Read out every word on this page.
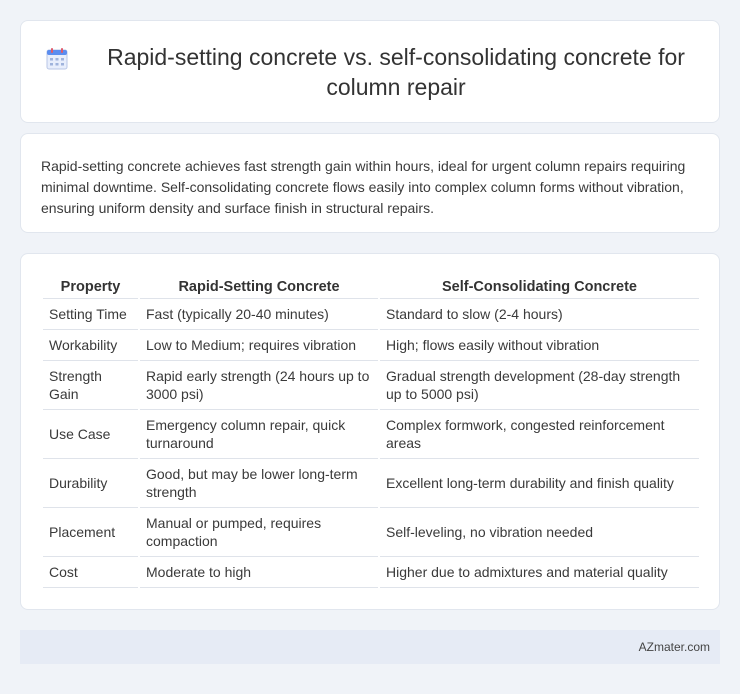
Rapid-setting concrete vs. self-consolidating concrete for column repair

Rapid-setting concrete achieves fast strength gain within hours, ideal for urgent column repairs requiring minimal downtime. Self-consolidating concrete flows easily into complex column forms without vibration, ensuring uniform density and surface finish in structural repairs.

Property	Rapid-Setting Concrete	Self-Consolidating Concrete
Setting Time	Fast (typically 20-40 minutes)	Standard to slow (2-4 hours)
Workability	Low to Medium; requires vibration	High; flows easily without vibration
Strength Gain	Rapid early strength (24 hours up to 3000 psi)	Gradual strength development (28-day strength up to 5000 psi)
Use Case	Emergency column repair, quick turnaround	Complex formwork, congested reinforcement areas
Durability	Good, but may be lower long-term strength	Excellent long-term durability and finish quality
Placement	Manual or pumped, requires compaction	Self-leveling, no vibration needed
Cost	Moderate to high	Higher due to admixtures and material quality
AZmater.com
